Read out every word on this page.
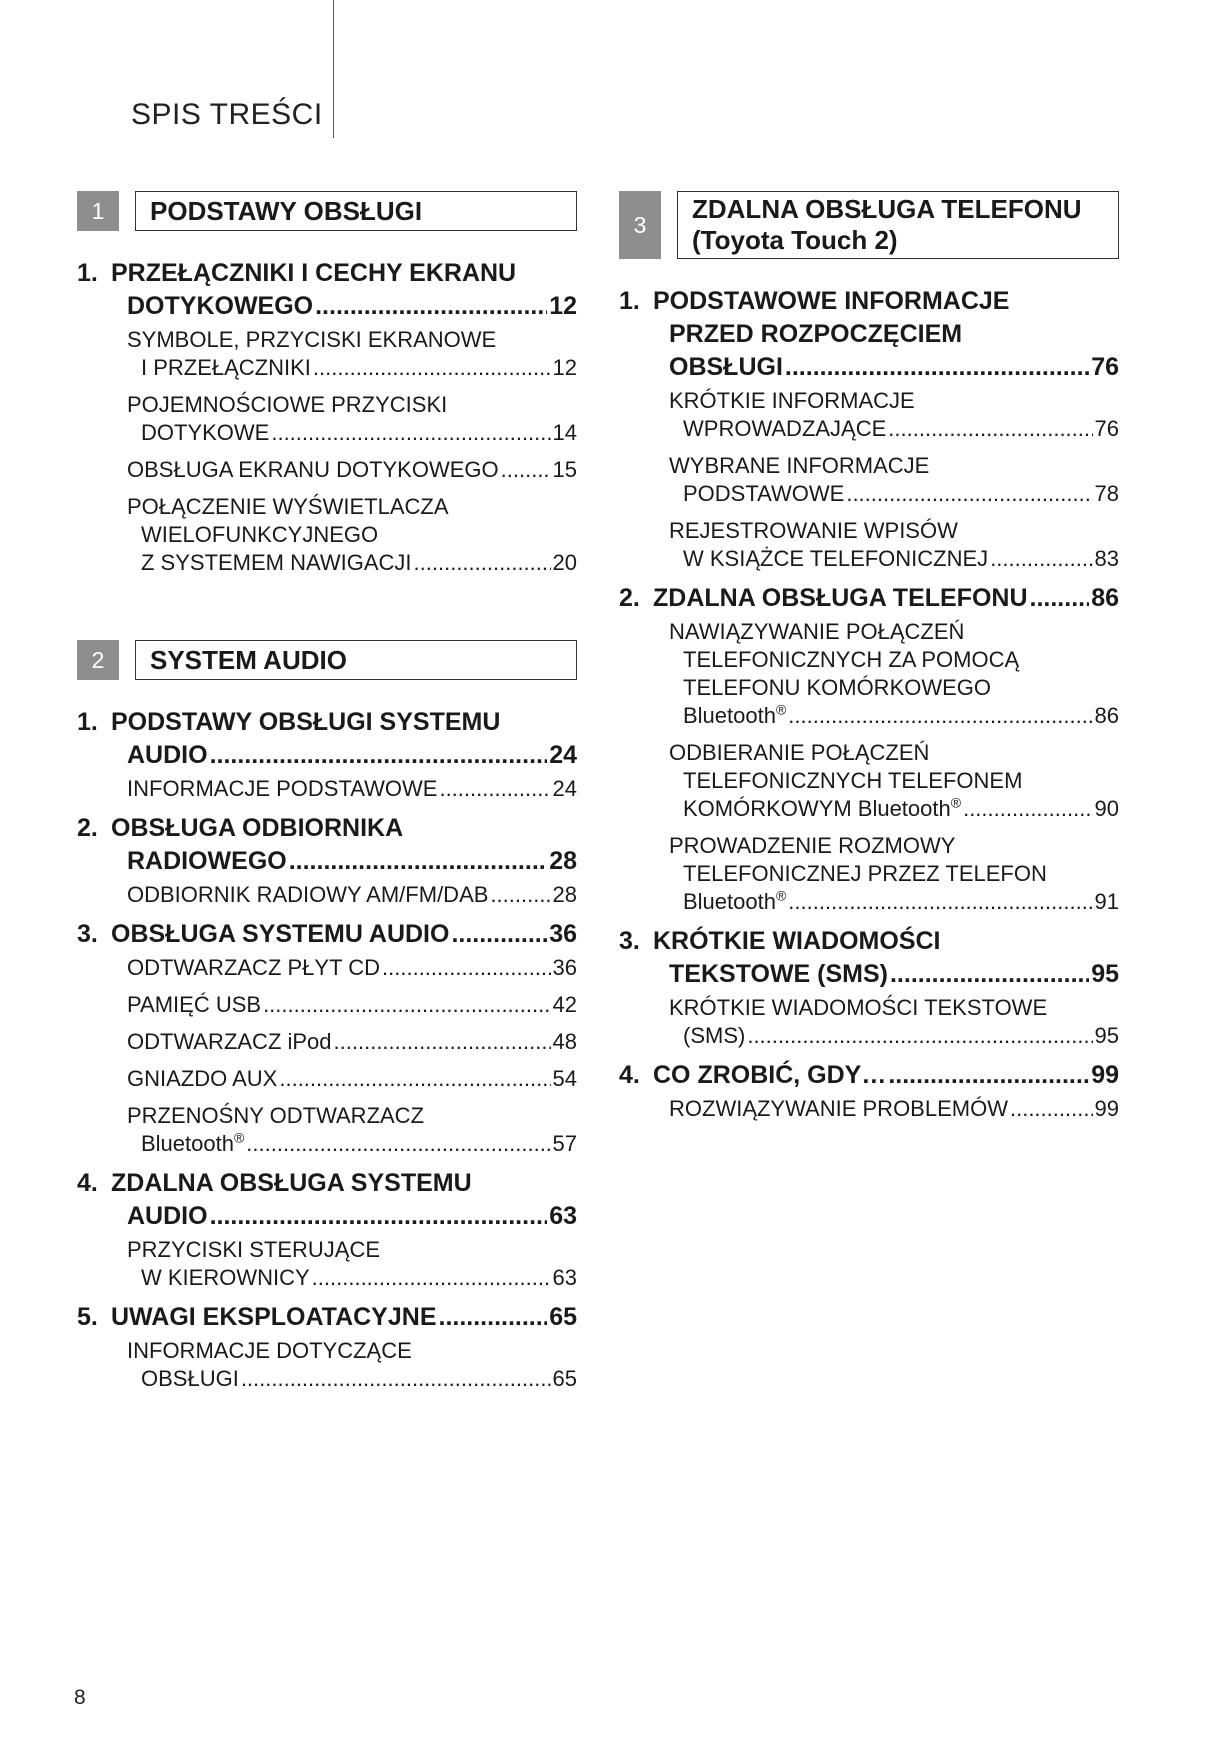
SPIS TREŚCI
1	PODSTAWY OBSŁUGI
1. PRZEŁĄCZNIKI I CECHY EKRANU
DOTYKOWEGO .....	12
SYMBOLE, PRZYCISKI EKRANOWE
I PRZEŁĄCZNIKI .....	12
POJEMNOŚCIOWE PRZYCISKI
DOTYKOWE .....	14
OBSŁUGA EKRANU DOTYKOWEGO ..... 15
POŁĄCZENIE WYŚWIETLACZA
WIELOFUNKCYJNEGO
Z SYSTEMEM NAWIGACJI .....	20
2	SYSTEM AUDIO
1. PODSTAWY OBSŁUGI SYSTEMU
AUDIO .....	24
INFORMACJE PODSTAWOWE .....	24
2. OBSŁUGA ODBIORNIKA
RADIOWEGO .....	28
ODBIORNIK RADIOWY AM/FM/DAB .....	28
3. OBSŁUGA SYSTEMU AUDIO .....	36
ODTWARZACZ PŁYT CD .....	36
PAMIĘĆ USB .....	42
ODTWARZACZ iPod .....	48
GNIAZDO AUX .....	54
PRZENOŚNY ODTWARZACZ
Bluetooth® .....	57
4. ZDALNA OBSŁUGA SYSTEMU
AUDIO .....	63
PRZYCISKI STERUJĄCE
W KIEROWNICY .....	63
5. UWAGI EKSPLOATACYJNE .....	65
INFORMACJE DOTYCZĄCE
OBSŁUGI .....	65
3
ZDALNA OBSŁUGA TELEFONU
(Toyota Touch 2)
1. PODSTAWOWE INFORMACJE
PRZED ROZPOCZĘCIEM
OBSŁUGI .....	76
KRÓTKIE INFORMACJE
WPROWADZAJĄCE .....	76
WYBRANE INFORMACJE
PODSTAWOWE .....	78
REJESTROWANIE WPISÓW
W KSIĄŻCE TELEFONICZNEJ .....	83
2. ZDALNA OBSŁUGA TELEFONU .....	86
NAWIĄZYWANIE POŁĄCZEŃ
TELEFONICZNYCH ZA POMOCĄ
TELEFONU KOMÓRKOWEGO
Bluetooth® .....	86
ODBIERANIE POŁĄCZEŃ
TELEFONICZNYCH TELEFONEM
KOMÓRKOWYM Bluetooth® .....	90
PROWADZENIE ROZMOWY
TELEFONICZNEJ PRZEZ TELEFON
Bluetooth® .....	91
3. KRÓTKIE WIADOMOŚCI
TEKSTOWE (SMS) .....	95
KRÓTKIE WIADOMOŚCI TEKSTOWE
(SMS) .....	95
4. CO ZROBIĆ, GDY… .....	99
ROZWIĄZYWANIE PROBLEMÓW .....	99
8
